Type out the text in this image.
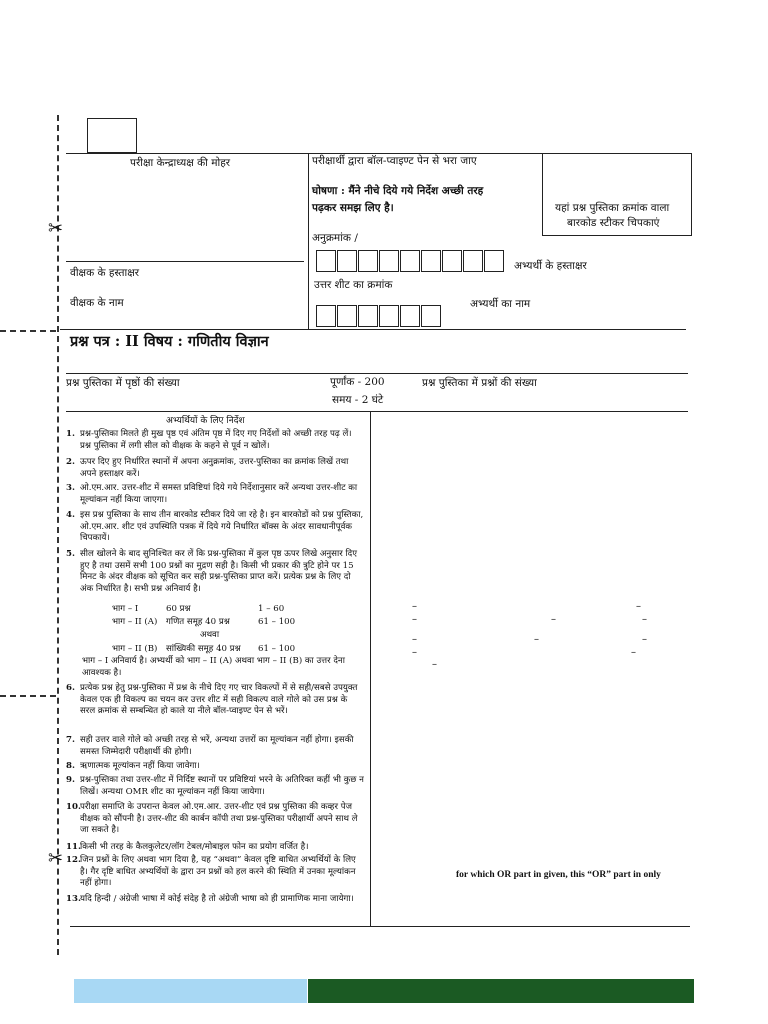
✂
✂
परीक्षा केन्द्राध्यक्ष की मोहर	परीक्षार्थी द्वारा बॉल-प्वाइण्ट पेन से भरा जाए
घोषणा : मैंने नीचे दिये गये निर्देश अच्छी तरह
पढ़कर समझ लिए है।	यहां प्रश्न पुस्तिका क्रमांक वाला
बारकोड स्टीकर चिपकाएं
अनुक्रमांक /
अभ्यर्थी के हस्ताक्षर
वीक्षक के हस्ताक्षर
वीक्षक के नाम
उत्तर शीट का क्रमांक
अभ्यर्थी का नाम
प्रश्न पत्र : II विषय : गणितीय विज्ञान
प्रश्न पुस्तिका में पृष्ठों की संख्या	पूर्णांक - 200
समय - 2 घंटे
प्रश्न पुस्तिका में प्रश्नों की संख्या
अभ्यर्थियों के लिए निर्देश
1. प्रश्न-पुस्तिका मिलते ही मुख पृष्ठ एवं अंतिम पृष्ठ में दिए गए निर्देशों को अच्छी तरह पढ़ लें। प्रश्न पुस्तिका में लगी सील को वीक्षक के कहने से पूर्व न खोलें।
2. ऊपर दिए हुए निर्धारित स्थानों में अपना अनुक्रमांक, उत्तर-पुस्तिका का क्रमांक लिखें तथा अपने हस्ताक्षर करें।
3. ओ.एम.आर. उत्तर-शीट में समस्त प्रविष्टियां दिये गये निर्देशानुसार करें अन्यथा उत्तर-शीट का मूल्यांकन नहीं किया जाएगा।
4. इस प्रश्न पुस्तिका के साथ तीन बारकोड स्टीकर दिये जा रहे है। इन बारकोडों को प्रश्न पुस्तिका, ओ.एम.आर. शीट एवं उपस्थिति पत्रक में दिये गये निर्धारित बॉक्स के अंदर सावधानीपूर्वक चिपकायें।
5. सील खोलने के बाद सुनिश्चित कर लें कि प्रश्न-पुस्तिका में कुल पृष्ठ ऊपर लिखे अनुसार दिए हुए है तथा उसमें सभी 100 प्रश्नों का मुद्रण सही है। किसी भी प्रकार की त्रुटि होने पर 15 मिनट के अंदर वीक्षक को सूचित कर सही प्रश्न-पुस्तिका प्राप्त करें। प्रत्येक प्रश्न के लिए दो अंक निर्धारित है। सभी प्रश्न अनिवार्य है।
भाग – I	60 प्रश्न	1 – 60
भाग – II (A) गणित समूह 40 प्रश्न	61 – 100
अथवा
भाग – II (B) सांख्यिकी समूह 40 प्रश्न 61 – 100
भाग – I अनिवार्य है। अभ्यर्थी को भाग – II (A) अथवा भाग – II (B) का उत्तर देना आवश्यक है।
6. प्रत्येक प्रश्न हेतु प्रश्न-पुस्तिका में प्रश्न के नीचे दिए गए चार विकल्पों में से सही/सबसे उपयुक्त केवल एक ही विकल्प का चयन कर उत्तर शीट में सही विकल्प वाले गोले को उस प्रश्न के सरल क्रमांक से सम्बन्धित हो काले या नीले बॉल-प्वाइण्ट पेन से भरें।
7. सही उत्तर वाले गोले को अच्छी तरह से भरें, अन्यथा उत्तरों का मूल्यांकन नहीं होगा। इसकी समस्त जिम्मेदारी परीक्षार्थी की होगी।
8. ऋणात्मक मूल्यांकन नहीं किया जावेगा।
9. प्रश्न-पुस्तिका तथा उत्तर-शीट में निर्दिष्ट स्थानों पर प्रविष्टियां भरने के अतिरिक्त कहीं भी कुछ न लिखें। अन्यथा OMR शीट का मूल्यांकन नहीं किया जायेगा।
10. परीक्षा समाप्ति के उपरान्त केवल ओ.एम.आर. उत्तर-शीट एवं प्रश्न पुस्तिका की कव्हर पेज वीक्षक को सौंपनी है। उत्तर-शीट की कार्बन कॉपी तथा प्रश्न-पुस्तिका परीक्षार्थी अपने साथ ले जा सकते है।
11. किसी भी तरह के कैलकुलेटर/लॉग टेबल/मोबाइल फोन का प्रयोग वर्जित है।
12. जिन प्रश्नों के लिए अथवा भाग दिया है, यह “अथवा” केवल दृष्टि बाधित अभ्यर्थियों के लिए है। गैर दृष्टि बाधित अभ्यर्थियों के द्वारा उन प्रश्नों को हल करने की स्थिति में उनका मूल्यांकन नहीं होगा।
13. यदि हिन्दी / अंग्रेजी भाषा में कोई संदेह है तो अंग्रेजी भाषा को ही प्रामाणिक माना जायेगा।
–	–
–	–	–
–	–	–
–	–
–
for which OR part in given, this “OR” part in only
